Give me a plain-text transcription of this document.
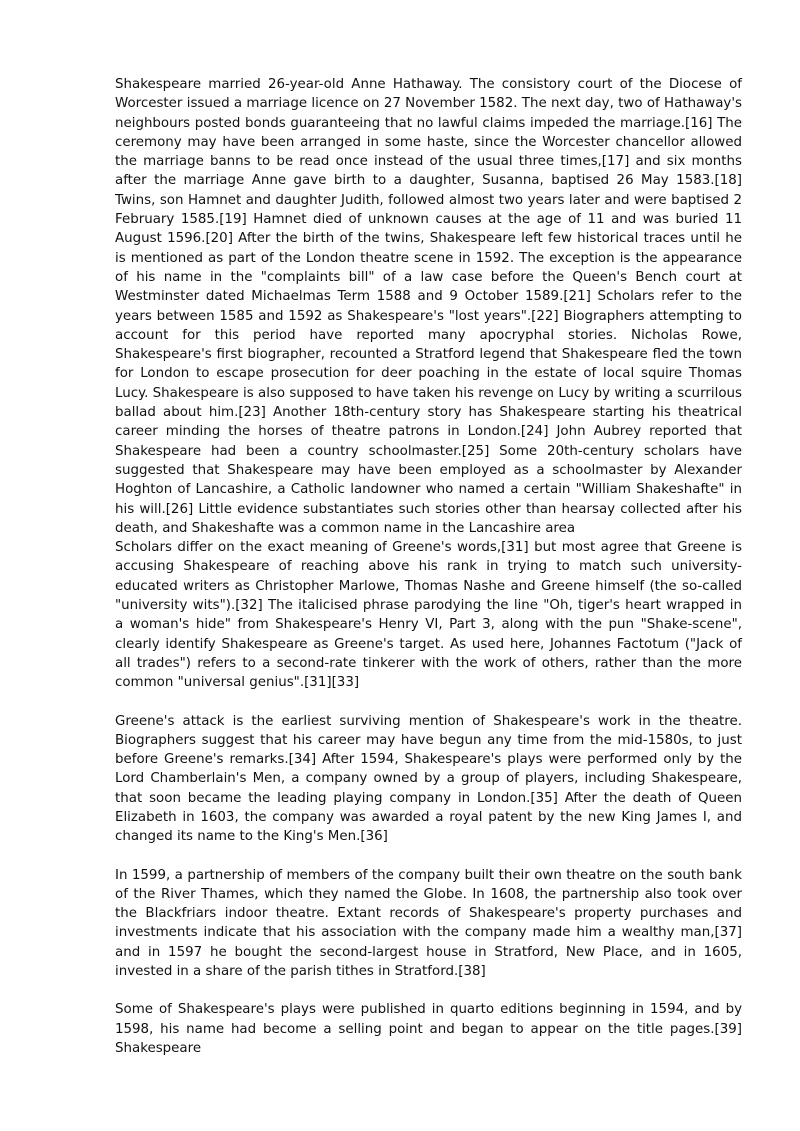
Shakespeare married 26-year-old Anne Hathaway. The consistory court of the Diocese of Worcester issued a marriage licence on 27 November 1582. The next day, two of Hathaway's neighbours posted bonds guaranteeing that no lawful claims impeded the marriage.[16] The ceremony may have been arranged in some haste, since the Worcester chancellor allowed the marriage banns to be read once instead of the usual three times,[17] and six months after the marriage Anne gave birth to a daughter, Susanna, baptised 26 May 1583.[18] Twins, son Hamnet and daughter Judith, followed almost two years later and were baptised 2 February 1585.[19] Hamnet died of unknown causes at the age of 11 and was buried 11 August 1596.[20] After the birth of the twins, Shakespeare left few historical traces until he is mentioned as part of the London theatre scene in 1592. The exception is the appearance of his name in the "complaints bill" of a law case before the Queen's Bench court at Westminster dated Michaelmas Term 1588 and 9 October 1589.[21] Scholars refer to the years between 1585 and 1592 as Shakespeare's "lost years".[22] Biographers attempting to account for this period have reported many apocryphal stories. Nicholas Rowe, Shakespeare's first biographer, recounted a Stratford legend that Shakespeare fled the town for London to escape prosecution for deer poaching in the estate of local squire Thomas Lucy. Shakespeare is also supposed to have taken his revenge on Lucy by writing a scurrilous ballad about him.[23] Another 18th-century story has Shakespeare starting his theatrical career minding the horses of theatre patrons in London.[24] John Aubrey reported that Shakespeare had been a country schoolmaster.[25] Some 20th-century scholars have suggested that Shakespeare may have been employed as a schoolmaster by Alexander Hoghton of Lancashire, a Catholic landowner who named a certain "William Shakeshafte" in his will.[26] Little evidence substantiates such stories other than hearsay collected after his death, and Shakeshafte was a common name in the Lancashire area

Scholars differ on the exact meaning of Greene's words,[31] but most agree that Greene is accusing Shakespeare of reaching above his rank in trying to match such university-educated writers as Christopher Marlowe, Thomas Nashe and Greene himself (the so-called "university wits").[32] The italicised phrase parodying the line "Oh, tiger's heart wrapped in a woman's hide" from Shakespeare's Henry VI, Part 3, along with the pun "Shake-scene", clearly identify Shakespeare as Greene's target. As used here, Johannes Factotum ("Jack of all trades") refers to a second-rate tinkerer with the work of others, rather than the more common "universal genius".[31][33]

Greene's attack is the earliest surviving mention of Shakespeare's work in the theatre. Biographers suggest that his career may have begun any time from the mid-1580s, to just before Greene's remarks.[34] After 1594, Shakespeare's plays were performed only by the Lord Chamberlain's Men, a company owned by a group of players, including Shakespeare, that soon became the leading playing company in London.[35] After the death of Queen Elizabeth in 1603, the company was awarded a royal patent by the new King James I, and changed its name to the King's Men.[36]

In 1599, a partnership of members of the company built their own theatre on the south bank of the River Thames, which they named the Globe. In 1608, the partnership also took over the Blackfriars indoor theatre. Extant records of Shakespeare's property purchases and investments indicate that his association with the company made him a wealthy man,[37] and in 1597 he bought the second-largest house in Stratford, New Place, and in 1605, invested in a share of the parish tithes in Stratford.[38]

Some of Shakespeare's plays were published in quarto editions beginning in 1594, and by 1598, his name had become a selling point and began to appear on the title pages.[39] Shakespeare
